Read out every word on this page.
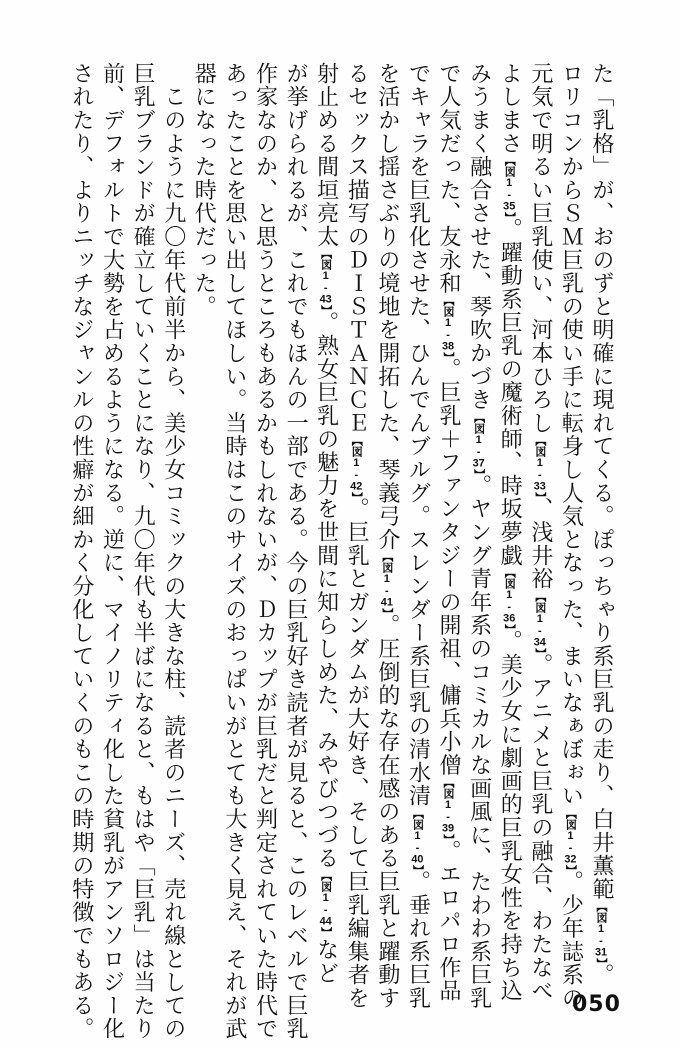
た「乳格」が、おのずと明確に現れてくる。ぽっちゃり系巨乳の走り、白井薫範【図1‐31】。
ロリコンからＳＭ巨乳の使い手に転身し人気となった、まいなぁぼぉい【図1‐32】。少年誌系の
元気で明るい巨乳使い、河本ひろし【図1‐33】、浅井裕【図1‐34】。アニメと巨乳の融合、わたなべ
よしまさ【図1‐35】。躍動系巨乳の魔術師、時坂夢戯【図1‐36】。美少女に劇画的巨乳女性を持ち込
みうまく融合させた、琴吹かづき【図1‐37】。ヤング青年系のコミカルな画風に、たわわ系巨乳
で人気だった、友永和【図1‐38】。巨乳＋ファンタジーの開祖、傭兵小僧【図1‐39】。エロパロ作品
でキャラを巨乳化させた、ひんでんブルグ。スレンダー系巨乳の清水清【図1‐40】。垂れ系巨乳
を活かし揺さぶりの境地を開拓した、琴義弓介【図1‐41】。圧倒的な存在感のある巨乳と躍動す
るセックス描写のＤＩＳＴＡＮＣＥ【図1‐42】。巨乳とガンダムが大好き、そして巨乳編集者を
射止める間垣亮太【図1‐43】。熟女巨乳の魅力を世間に知らしめた、みやびつづる【図1‐44】など
が挙げられるが、これでもほんの一部である。今の巨乳好き読者が見ると、このレベルで巨乳
作家なのか、と思うところもあるかもしれないが、Ｄカップが巨乳だと判定されていた時代で
あったことを思い出してほしい。当時はこのサイズのおっぱいがとても大きく見え、それが武
器になった時代だった。
　このように九〇年代前半から、美少女コミックの大きな柱、読者のニーズ、売れ線としての
巨乳ブランドが確立していくことになり、九〇年代も半ばになると、もはや「巨乳」は当たり
前、デフォルトで大勢を占めるようになる。逆に、マイノリティ化した貧乳がアンソロジー化
されたり、よりニッチなジャンルの性癖が細かく分化していくのもこの時期の特徴でもある。	050
